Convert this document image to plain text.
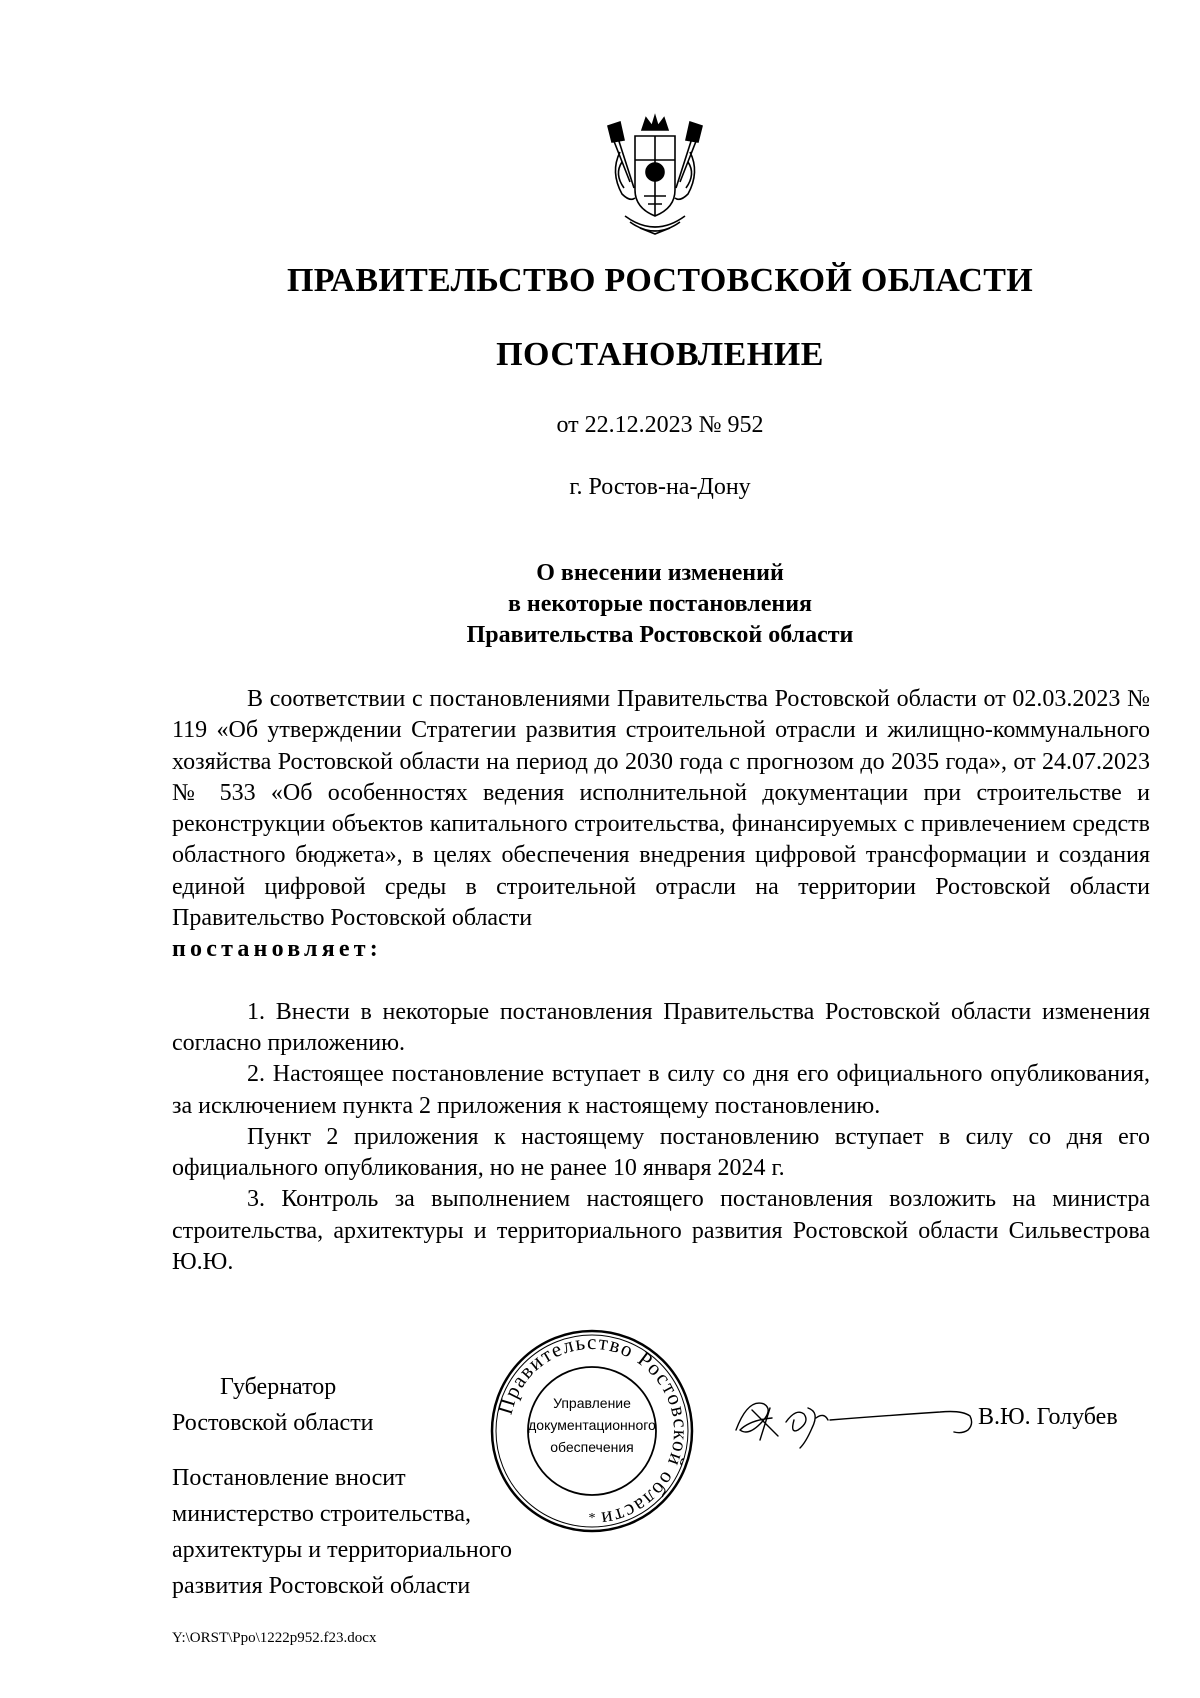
ПРАВИТЕЛЬСТВО РОСТОВСКОЙ ОБЛАСТИ
ПОСТАНОВЛЕНИЕ
от 22.12.2023 № 952
г. Ростов-на-Дону
О внесении изменений
в некоторые постановления
Правительства Ростовской области

В соответствии с постановлениями Правительства Ростовской области от 02.03.2023 № 119 «Об утверждении Стратегии развития строительной отрасли и жилищно-коммунального хозяйства Ростовской области на период до 2030 года с прогнозом до 2035 года», от 24.07.2023 № 533 «Об особенностях ведения исполнительной документации при строительстве и реконструкции объектов капитального строительства, финансируемых с привлечением средств областного бюджета», в целях обеспечения внедрения цифровой трансформации и создания единой цифровой среды в строительной отрасли на территории Ростовской области Правительство Ростовской области

постановляет:

1. Внести в некоторые постановления Правительства Ростовской области изменения согласно приложению.

2. Настоящее постановление вступает в силу со дня его официального опубликования, за исключением пункта 2 приложения к настоящему постановлению.

Пункт 2 приложения к настоящему постановлению вступает в силу со дня его официального опубликования, но не ранее 10 января 2024 г.

3. Контроль за выполнением настоящего постановления возложить на министра строительства, архитектуры и территориального развития Ростовской области Сильвестрова Ю.Ю.

Губернатор
Ростовской области
Постановление вносит
министерство строительства,
архитектуры и территориального
развития Ростовской области
Правительство Ростовской области
Управление
документационного
обеспечения
*
В.Ю. Голубев
Y:\ORST\Ppo\1222p952.f23.docx
